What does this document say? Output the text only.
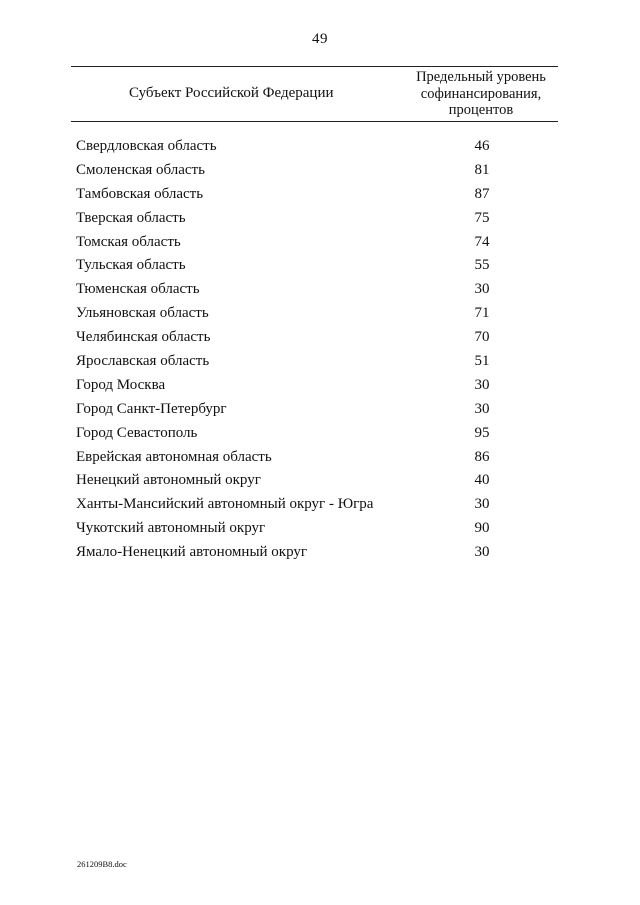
49
Субъект Российской Федерации
Предельный уровень
софинансирования,
процентов
Свердловская область	46
Смоленская область	81
Тамбовская область	87
Тверская область	75
Томская область	74
Тульская область	55
Тюменская область	30
Ульяновская область	71
Челябинская область	70
Ярославская область	51
Город Москва	30
Город Санкт-Петербург	30
Город Севастополь	95
Еврейская автономная область	86
Ненецкий автономный округ	40
Ханты-Мансийский автономный округ - Югра	30
Чукотский автономный округ	90
Ямало-Ненецкий автономный округ	30
261209В8.doc
